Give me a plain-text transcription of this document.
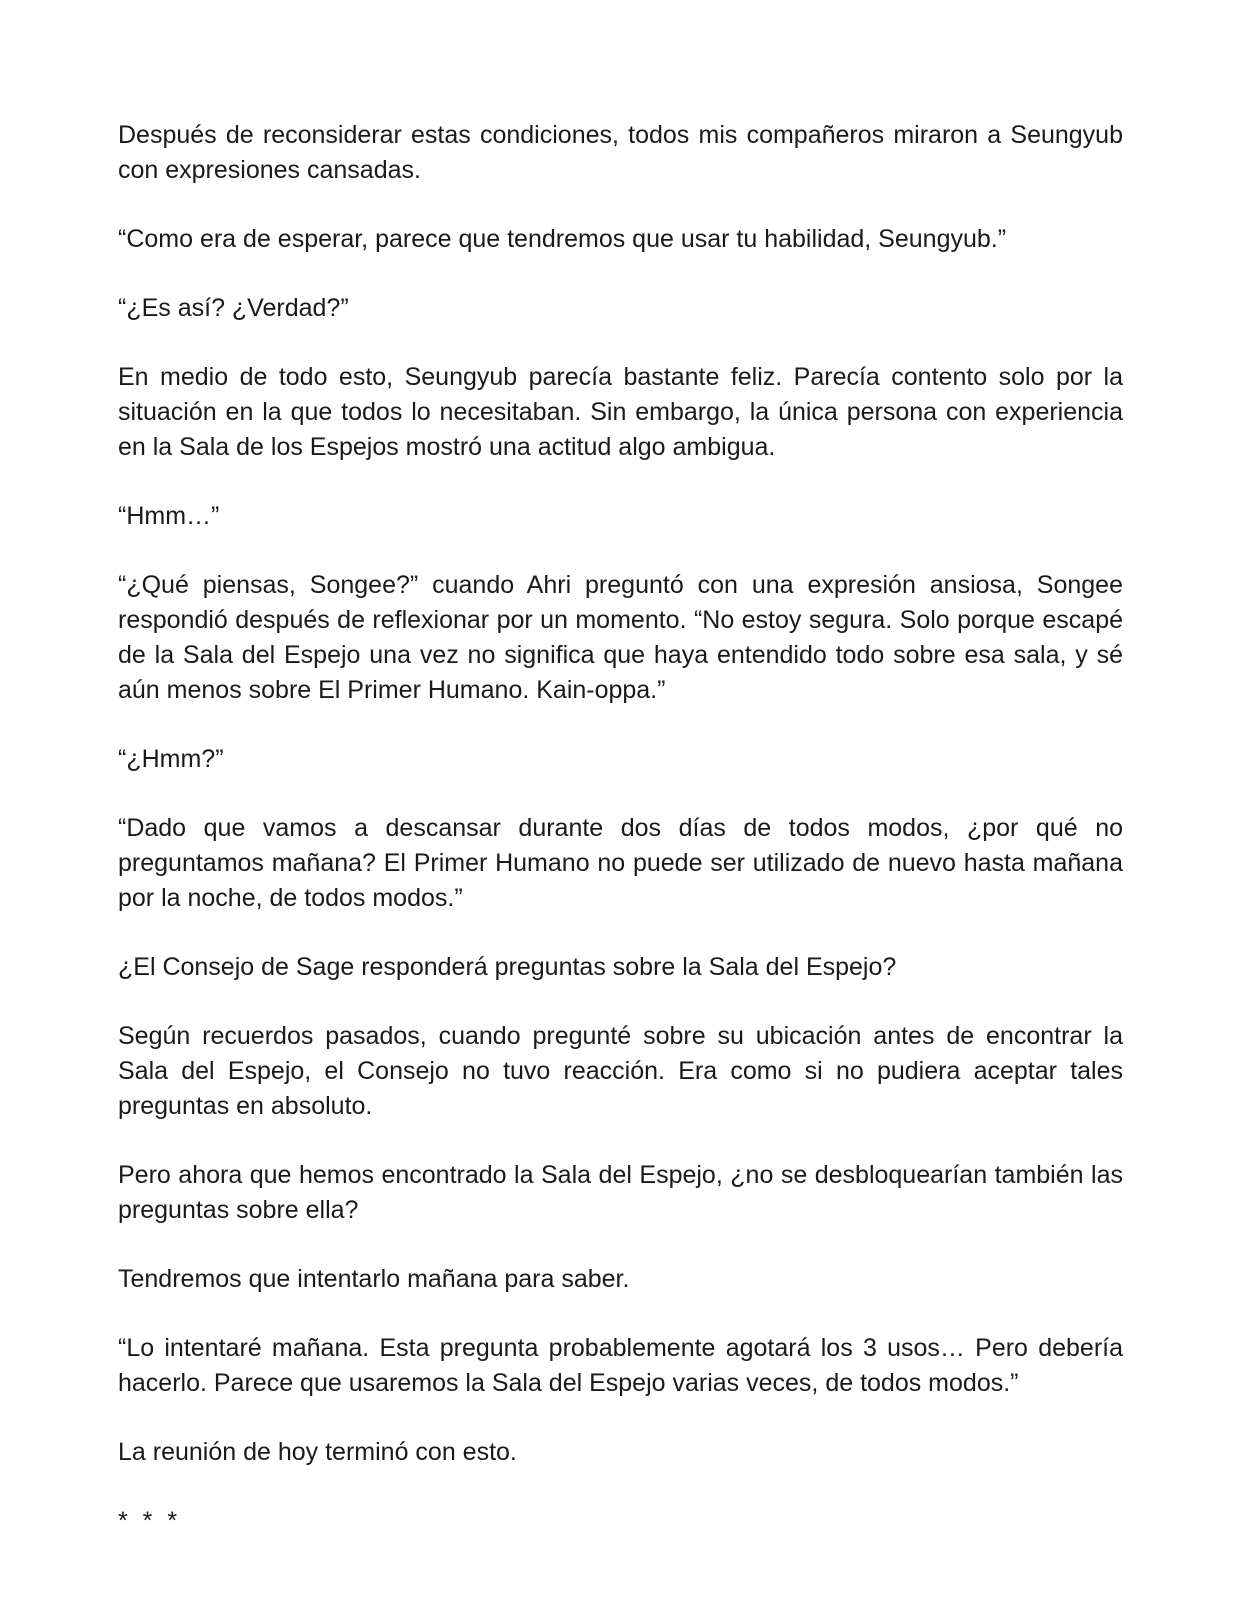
Después de reconsiderar estas condiciones, todos mis compañeros miraron a Seungyub con expresiones cansadas.

“Como era de esperar, parece que tendremos que usar tu habilidad, Seungyub.”

“¿Es así? ¿Verdad?”

En medio de todo esto, Seungyub parecía bastante feliz. Parecía contento solo por la situación en la que todos lo necesitaban. Sin embargo, la única persona con experiencia en la Sala de los Espejos mostró una actitud algo ambigua.

“Hmm…”

“¿Qué piensas, Songee?” cuando Ahri preguntó con una expresión ansiosa, Songee respondió después de reflexionar por un momento. “No estoy segura. Solo porque escapé de la Sala del Espejo una vez no significa que haya entendido todo sobre esa sala, y sé aún menos sobre El Primer Humano. Kain-oppa.”

“¿Hmm?”

“Dado que vamos a descansar durante dos días de todos modos, ¿por qué no preguntamos mañana? El Primer Humano no puede ser utilizado de nuevo hasta mañana por la noche, de todos modos.”

¿El Consejo de Sage responderá preguntas sobre la Sala del Espejo?

Según recuerdos pasados, cuando pregunté sobre su ubicación antes de encontrar la Sala del Espejo, el Consejo no tuvo reacción. Era como si no pudiera aceptar tales preguntas en absoluto.

Pero ahora que hemos encontrado la Sala del Espejo, ¿no se desbloquearían también las preguntas sobre ella?

Tendremos que intentarlo mañana para saber.

“Lo intentaré mañana. Esta pregunta probablemente agotará los 3 usos… Pero debería hacerlo. Parece que usaremos la Sala del Espejo varias veces, de todos modos.”

La reunión de hoy terminó con esto.

* * *
